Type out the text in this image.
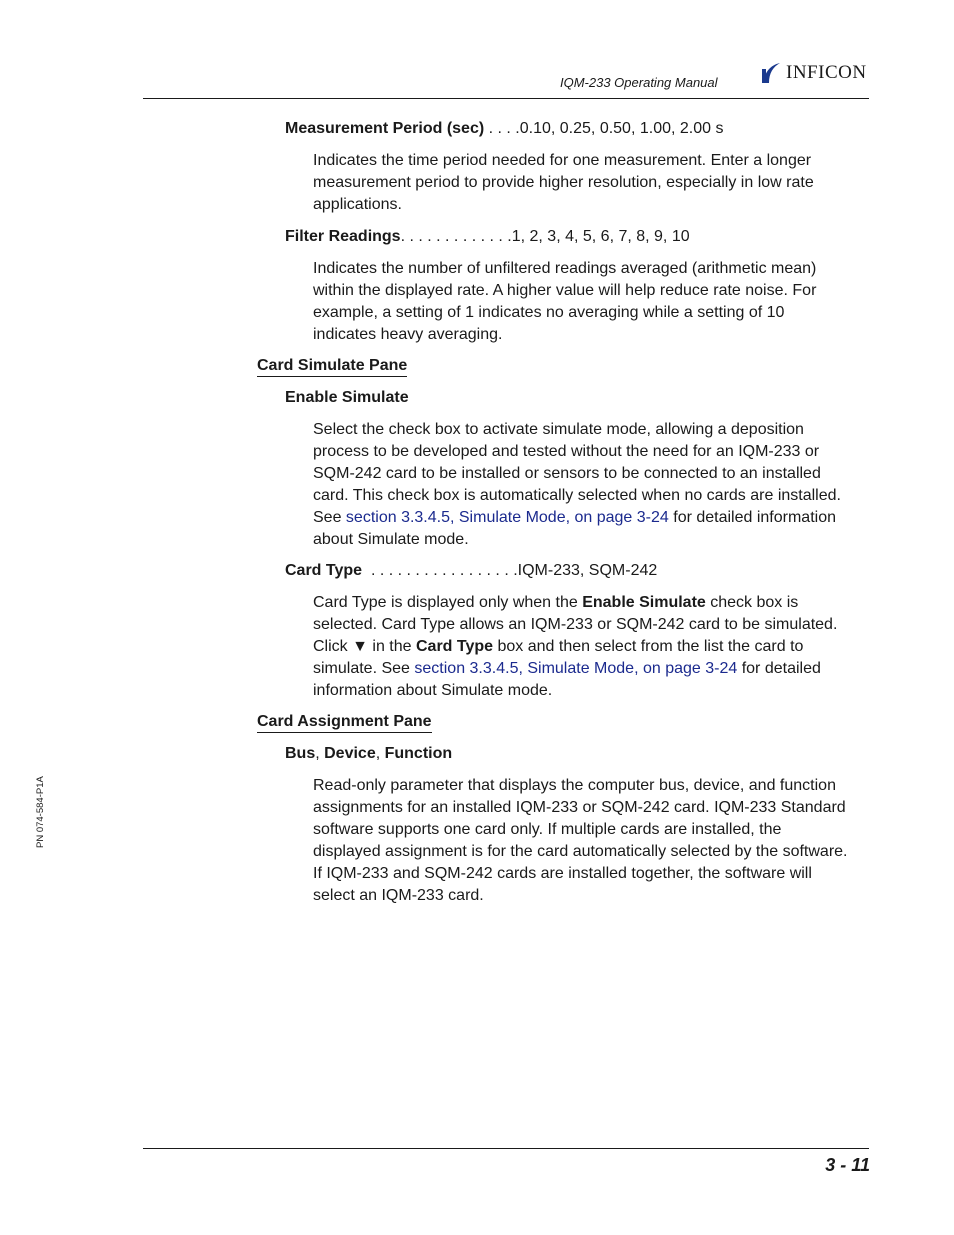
IQM-233 Operating Manual	INFICON
Measurement Period (sec) . . . .0.10, 0.25, 0.50, 1.00, 2.00 s
Indicates the time period needed for one measurement. Enter a longer
measurement period to provide higher resolution, especially in low rate
applications.
Filter Readings. . . . . . . . . . . . .1, 2, 3, 4, 5, 6, 7, 8, 9, 10
Indicates the number of unfiltered readings averaged (arithmetic mean)
within the displayed rate. A higher value will help reduce rate noise. For
example, a setting of 1 indicates no averaging while a setting of 10
indicates heavy averaging.
Card Simulate Pane
Enable Simulate
Select the check box to activate simulate mode, allowing a deposition
process to be developed and tested without the need for an IQM-233 or
SQM-242 card to be installed or sensors to be connected to an installed
card. This check box is automatically selected when no cards are installed.
See section 3.3.4.5, Simulate Mode, on page 3-24 for detailed information
about Simulate mode.
Card Type  . . . . . . . . . . . . . . . . .IQM-233, SQM-242
Card Type is displayed only when the Enable Simulate check box is
selected. Card Type allows an IQM-233 or SQM-242 card to be simulated.
Click ▼ in the Card Type box and then select from the list the card to
simulate. See section 3.3.4.5, Simulate Mode, on page 3-24 for detailed
information about Simulate mode.
Card Assignment Pane
Bus, Device, Function
Read-only parameter that displays the computer bus, device, and function
assignments for an installed IQM-233 or SQM-242 card. IQM-233 Standard
software supports one card only. If multiple cards are installed, the
displayed assignment is for the card automatically selected by the software.
If IQM-233 and SQM-242 cards are installed together, the software will
select an IQM-233 card.
PN 074-584-P1A
3 - 11
